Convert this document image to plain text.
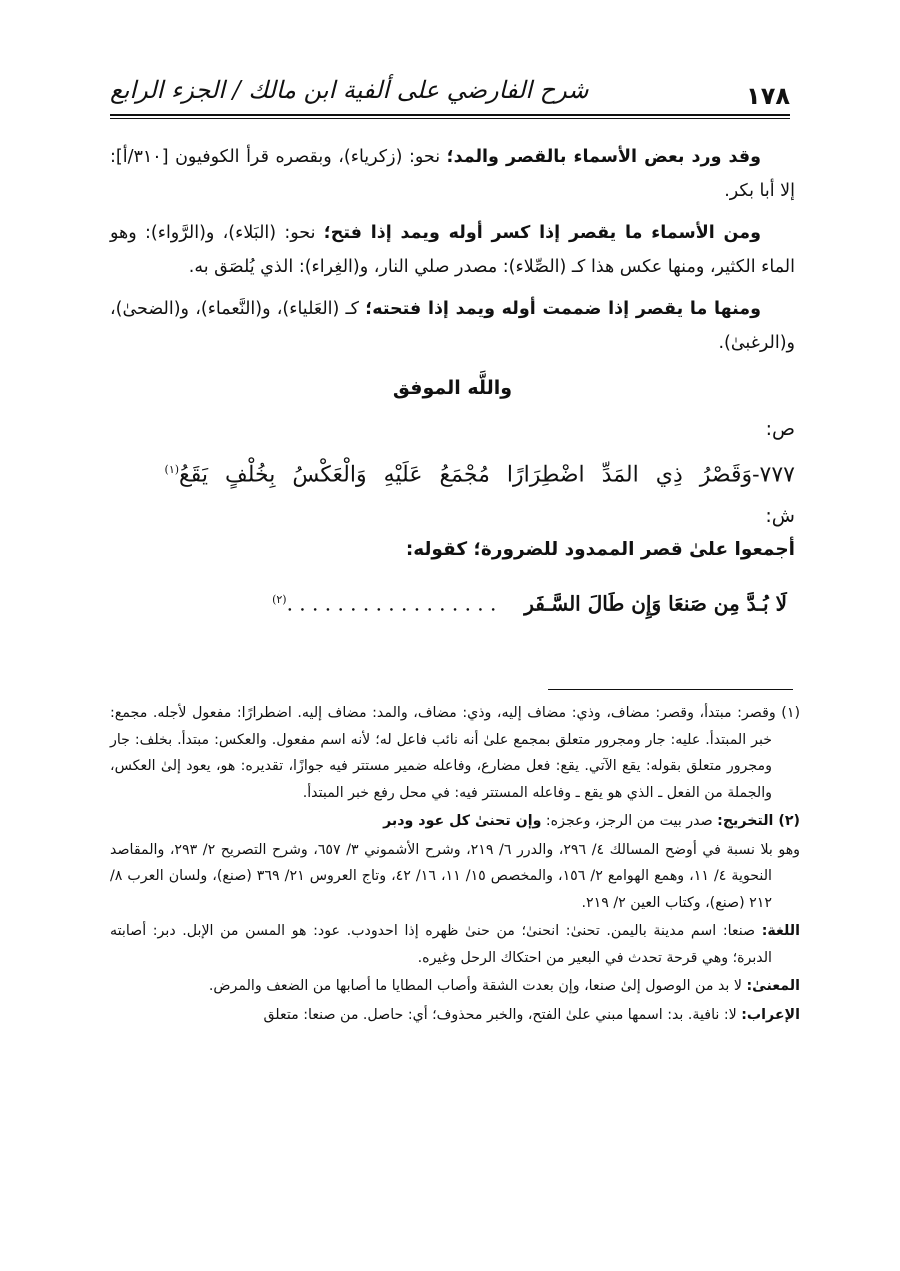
١٧٨
شرح الفارضي على ألفية ابن مالك / الجزء الرابع

وقد ورد بعض الأسماء بالقصر والمد؛ نحو: (زكرياء)، وبقصره قرأ الكوفيون [٣١٠/أ]: إلا أبا بكر.

ومن الأسماء ما يقصر إذا كسر أوله ويمد إذا فتح؛ نحو: (البَلاء)، و(الرَّواء): وهو الماء الكثير، ومنها عكس هذا كـ (الصِّلاء): مصدر صلي النار، و(الغِراء): الذي يُلصَق به.

ومنها ما يقصر إذا ضممت أوله ويمد إذا فتحته؛ كـ (العَلياء)، و(النَّعماء)، و(الضحىٰ)، و(الرغبىٰ).

واللَّه الموفق

ص:

٧٧٧-وَقَصْرُ ذِي المَدِّ اضْطِرَارًا مُجْمَعُ عَلَيْهِ وَالْعَكْسُ بِخُلْفٍ يَقَعُ$^{(١)}$

ش:

أجمعوا علىٰ قصر الممدود للضرورة؛ كقوله:

لَا بُـدَّ مِن صَنعَا وَإِن طَالَ السَّـفَر    . . . . . . . . . . . . . . . . .$^{(٢)}$

(١) وقصر: مبتدأ، وقصر: مضاف، وذي: مضاف إليه، وذي: مضاف، والمد: مضاف إليه. اضطرارًا: مفعول لأجله. مجمع: خبر المبتدأ. عليه: جار ومجرور متعلق بمجمع علىٰ أنه نائب فاعل له؛ لأنه اسم مفعول. والعكس: مبتدأ. بخلف: جار ومجرور متعلق بقوله: يقع الآتي. يقع: فعل مضارع، وفاعله ضمير مستتر فيه جوازًا، تقديره: هو، يعود إلىٰ العكس، والجملة من الفعل ـ الذي هو يقع ـ وفاعله المستتر فيه: في محل رفع خبر المبتدأ.

(٢) التخريج: صدر بيت من الرجز، وعجزه: وإن تحنىٰ كل عود ودبر

وهو بلا نسبة في أوضح المسالك ٤/ ٢٩٦، والدرر ٦/ ٢١٩، وشرح الأشموني ٣/ ٦٥٧، وشرح التصريح ٢/ ٢٩٣، والمقاصد النحوية ٤/ ١١، وهمع الهوامع ٢/ ١٥٦، والمخصص ١٥/ ١١، ١٦/ ٤٢، وتاج العروس ٢١/ ٣٦٩ (صنع)، ولسان العرب ٨/ ٢١٢ (صنع)، وكتاب العين ٢/ ٢١٩.

اللغة: صنعا: اسم مدينة باليمن. تحنىٰ: انحنىٰ؛ من حنىٰ ظهره إذا احدودب. عود: هو المسن من الإبل. دبر: أصابته الدبرة؛ وهي قرحة تحدث في البعير من احتكاك الرحل وغيره.

المعنىٰ: لا بد من الوصول إلىٰ صنعا، وإن بعدت الشقة وأصاب المطايا ما أصابها من الضعف والمرض.

الإعراب: لا: نافية. بد: اسمها مبني علىٰ الفتح، والخبر محذوف؛ أي: حاصل. من صنعا: متعلق
